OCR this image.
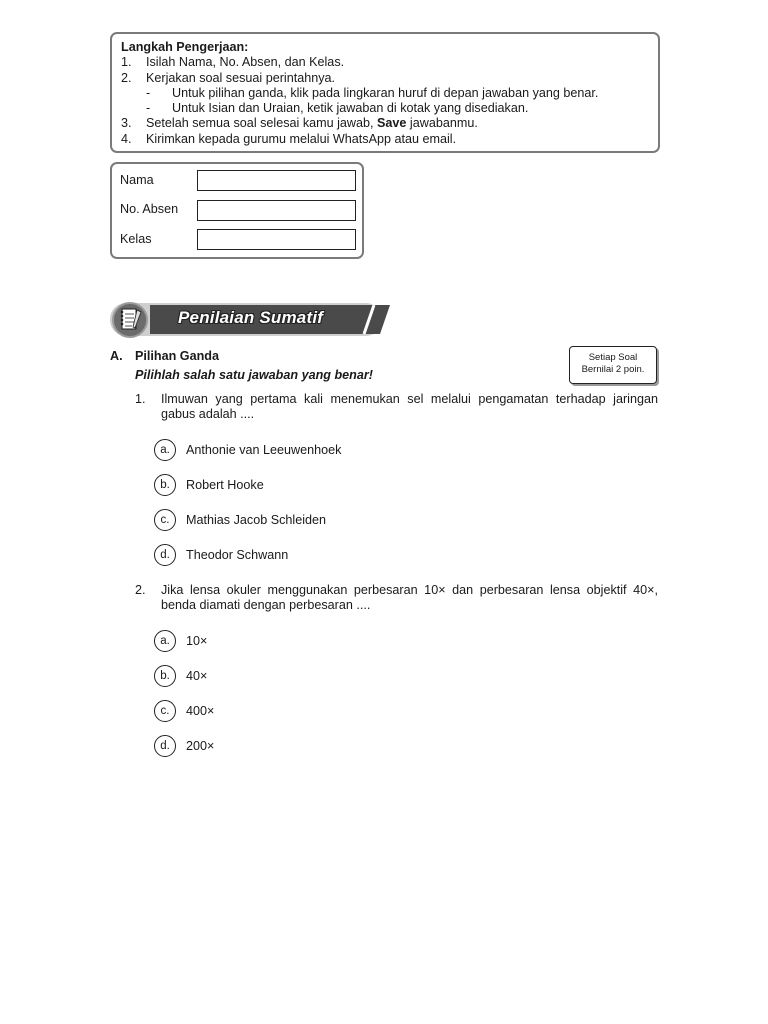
Langkah Pengerjaan:
1.	Isilah Nama, No. Absen, dan Kelas.
2.	Kerjakan soal sesuai perintahnya.
-	Untuk pilihan ganda, klik pada lingkaran huruf di depan jawaban yang benar.
-	Untuk Isian dan Uraian, ketik jawaban di kotak yang disediakan.
3.	Setelah semua soal selesai kamu jawab, Save jawabanmu.
4.	Kirimkan kepada gurumu melalui WhatsApp atau email.
Nama
No. Absen
Kelas
Penilaian Sumatif
A. Pilihan Ganda
Pilihlah salah satu jawaban yang benar!
Setiap Soal
Bernilai 2 poin.
1. Ilmuwan yang pertama kali menemukan sel melalui pengamatan terhadap jaringan gabus adalah ....
a.	Anthonie van Leeuwenhoek
b.	Robert Hooke
c.	Mathias Jacob Schleiden
d.	Theodor Schwann
2. Jika lensa okuler menggunakan perbesaran 10× dan perbesaran lensa objektif 40×, benda diamati dengan perbesaran ....
a.	10×
b.	40×
c.	400×
d.	200×
